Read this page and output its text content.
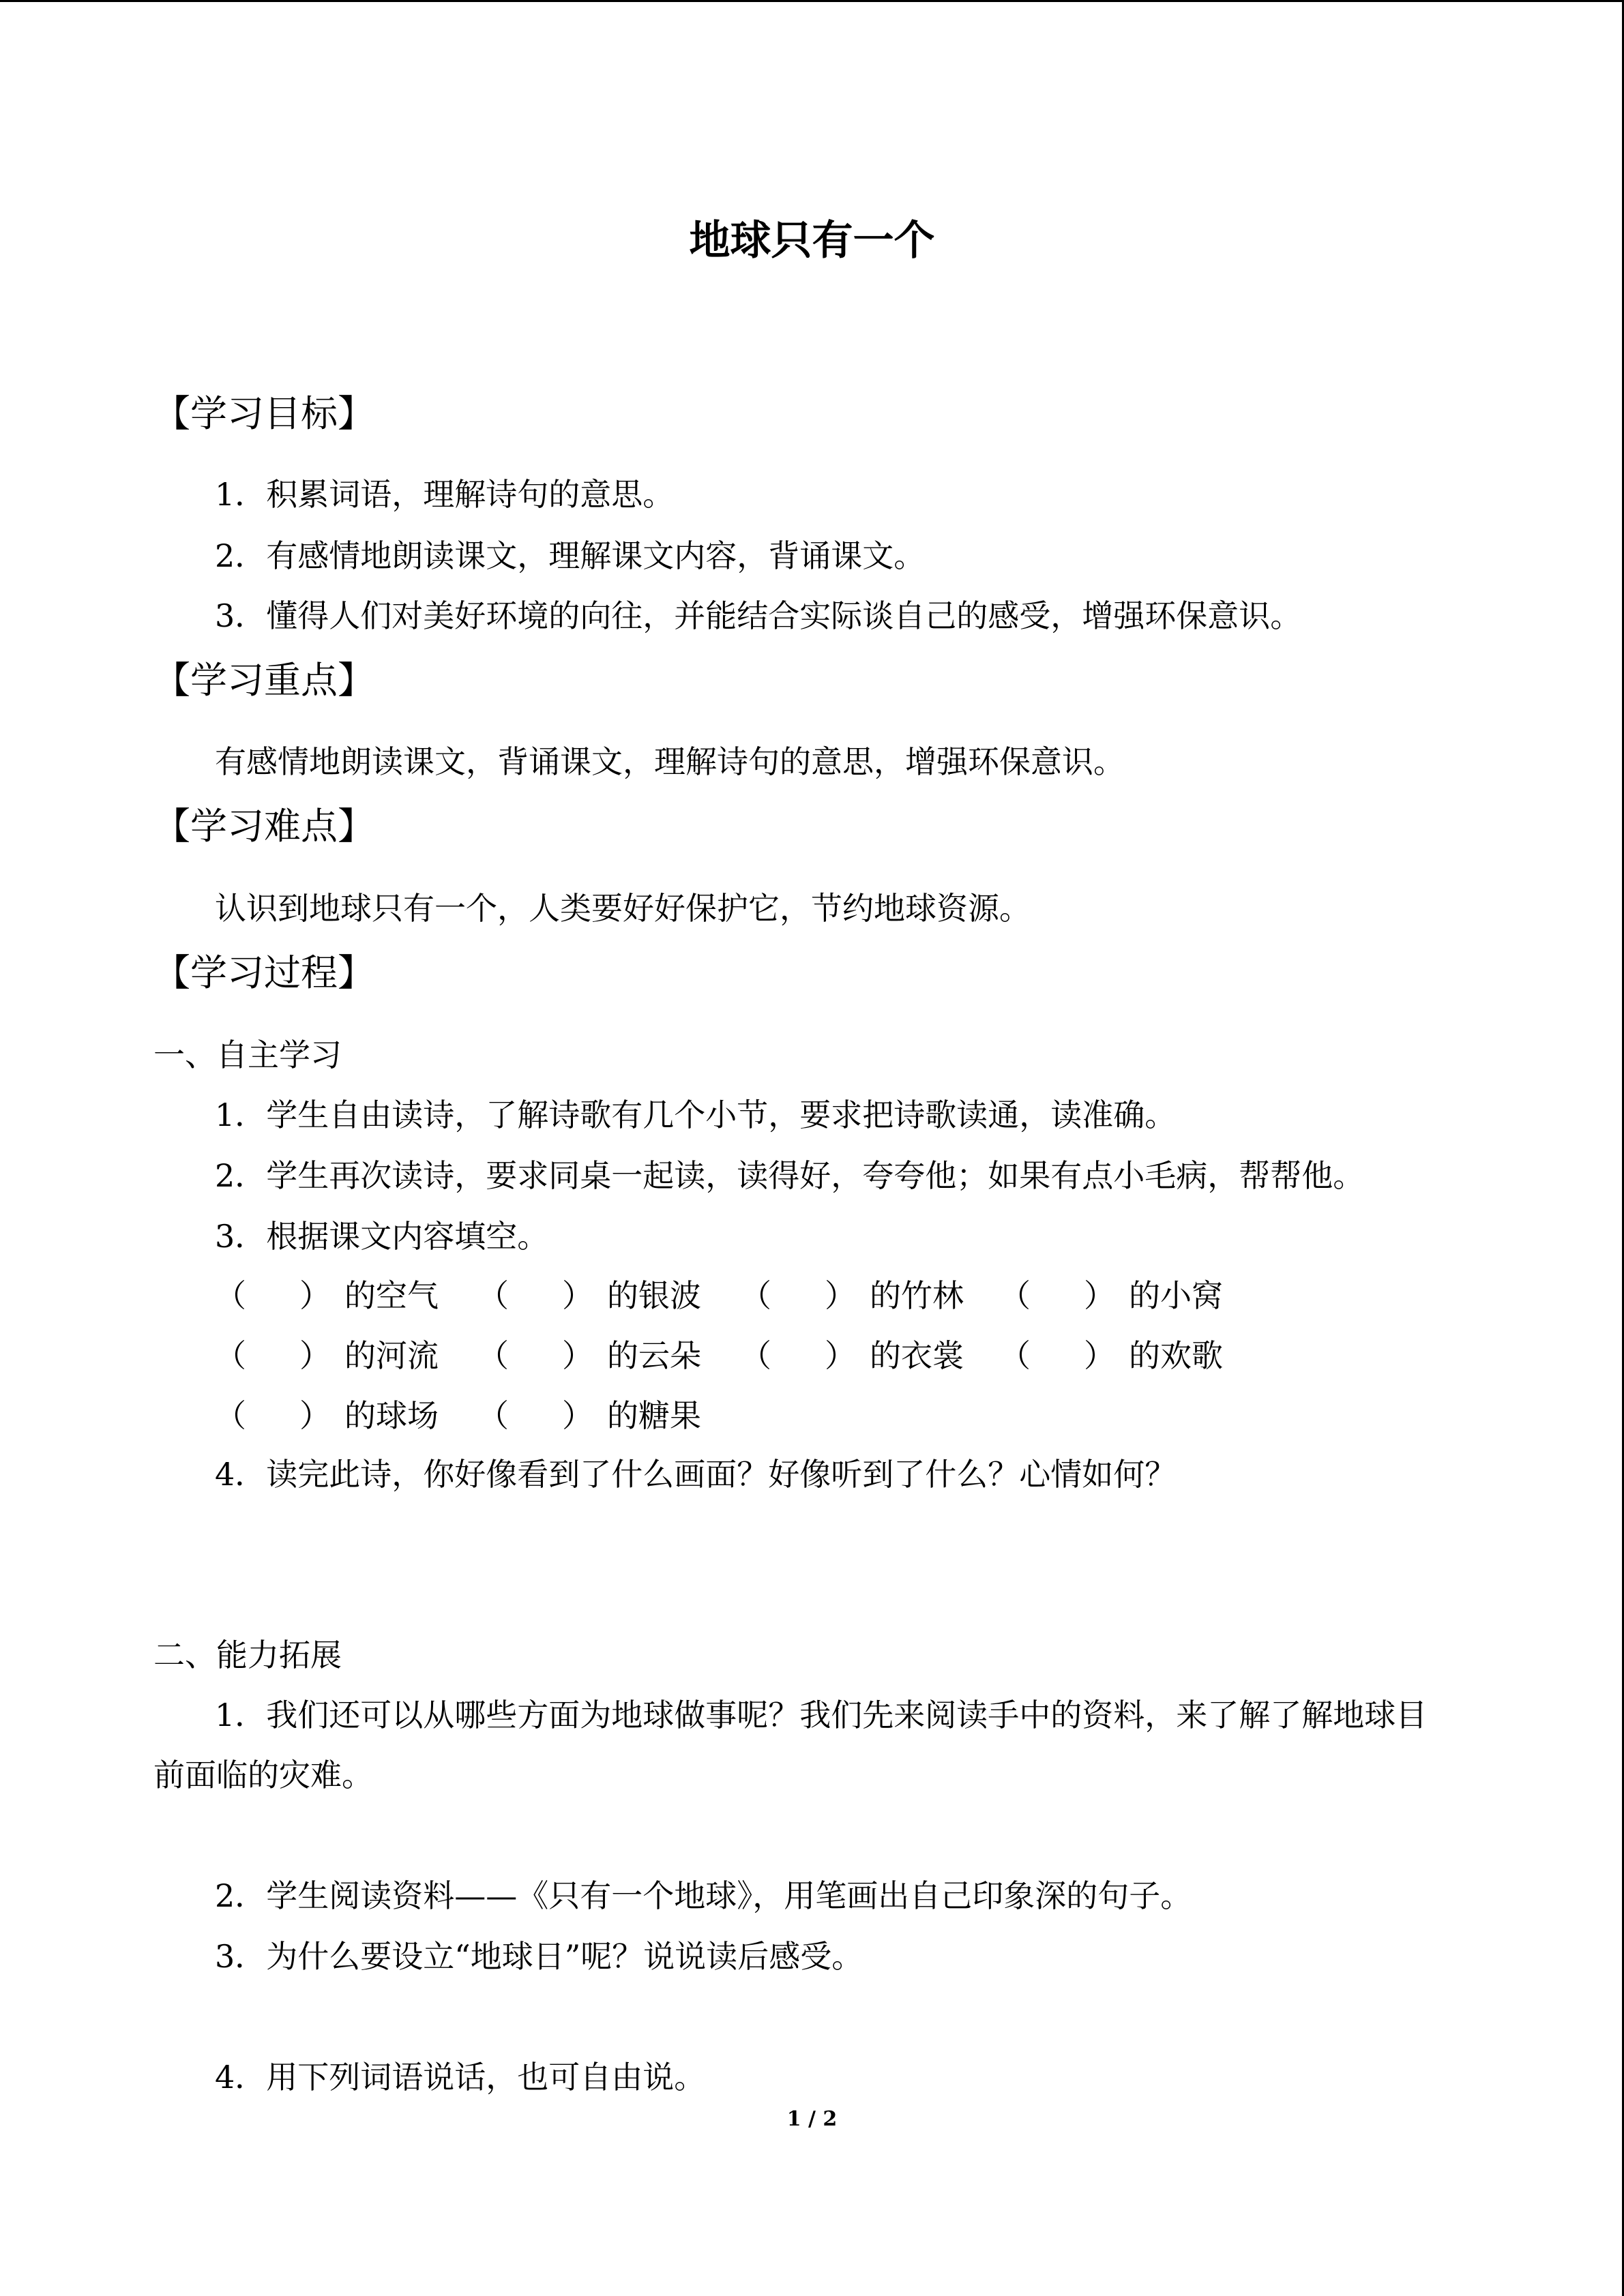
地球只有一个
【学习目标】
1．积累词语，理解诗句的意思。
2．有感情地朗读课文，理解课文内容，背诵课文。
3．懂得人们对美好环境的向往，并能结合实际谈自己的感受，增强环保意识。
【学习重点】
有感情地朗读课文，背诵课文，理解诗句的意思，增强环保意识。
【学习难点】
认识到地球只有一个，人类要好好保护它，节约地球资源。
【学习过程】
一、自主学习
1．学生自由读诗，了解诗歌有几个小节，要求把诗歌读通，读准确。
2．学生再次读诗，要求同桌一起读，读得好，夸夸他；如果有点小毛病，帮帮他。
3．根据课文内容填空。
（ ） 的空气 （ ） 的银波 （ ） 的竹林 （ ） 的小窝
（ ） 的河流 （ ） 的云朵 （ ） 的衣裳 （ ） 的欢歌
（ ） 的球场 （ ） 的糖果
4．读完此诗，你好像看到了什么画面？好像听到了什么？心情如何？
二、能力拓展
1．我们还可以从哪些方面为地球做事呢？我们先来阅读手中的资料，来了解了解地球目
前面临的灾难。
2．学生阅读资料——《只有一个地球》，用笔画出自己印象深的句子。
3．为什么要设立“地球日”呢？说说读后感受。
4．用下列词语说话，也可自由说。
1 / 2
